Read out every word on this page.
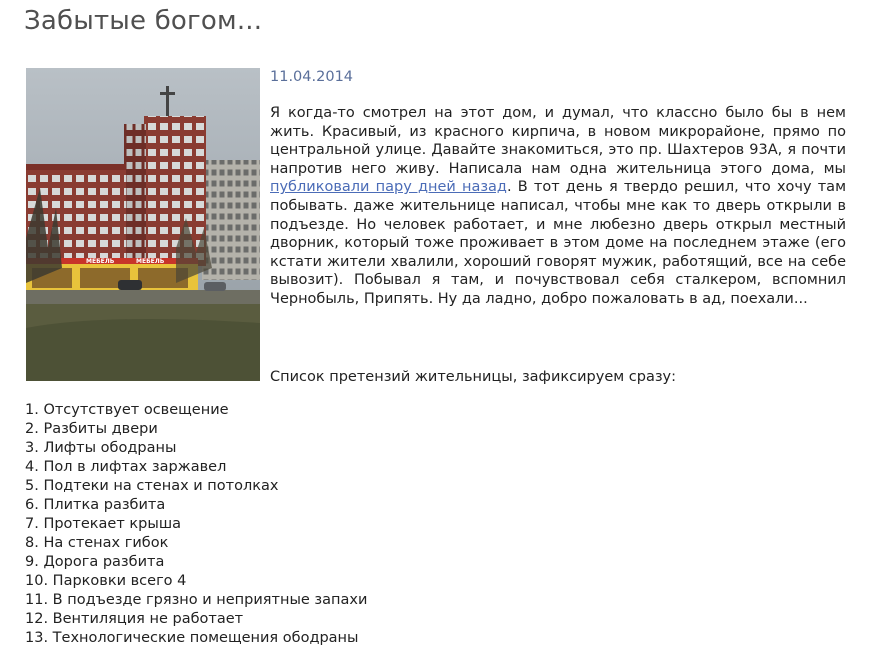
Забытые богом...
МЕБЕЛЬ	МЕБЕЛЬ
11.04.2014

Я когда-то смотрел на этот дом, и думал, что классно было бы в нем жить. Красивый, из красного кирпича, в новом микрорайоне, прямо по центральной улице. Давайте знакомиться, это пр. Шахтеров 93А, я почти напротив него живу. Написала нам одна жительница этого дома, мы публиковали пару дней назад. В тот день я твердо решил, что хочу там побывать. даже жительнице написал, чтобы мне как то дверь открыли в подъезде. Но человек работает, и мне любезно дверь открыл местный дворник, который тоже проживает в этом доме на последнем этаже (его кстати жители хвалили, хороший говорят мужик, работящий, все на себе вывозит). Побывал я там, и почувствовал себя сталкером, вспомнил Чернобыль, Припять. Ну да ладно, добро пожаловать в ад, поехали...

Список претензий жительницы, зафиксируем сразу:

1. Отсутствует освещение
2. Разбиты двери
3. Лифты ободраны
4. Пол в лифтах заржавел
5. Подтеки на стенах и потолках
6. Плитка разбита
7. Протекает крыша
8. На стенах гибок
9. Дорога разбита
10. Парковки всего 4
11. В подъезде грязно и неприятные запахи
12. Вентиляция не работает
13. Технологические помещения ободраны
